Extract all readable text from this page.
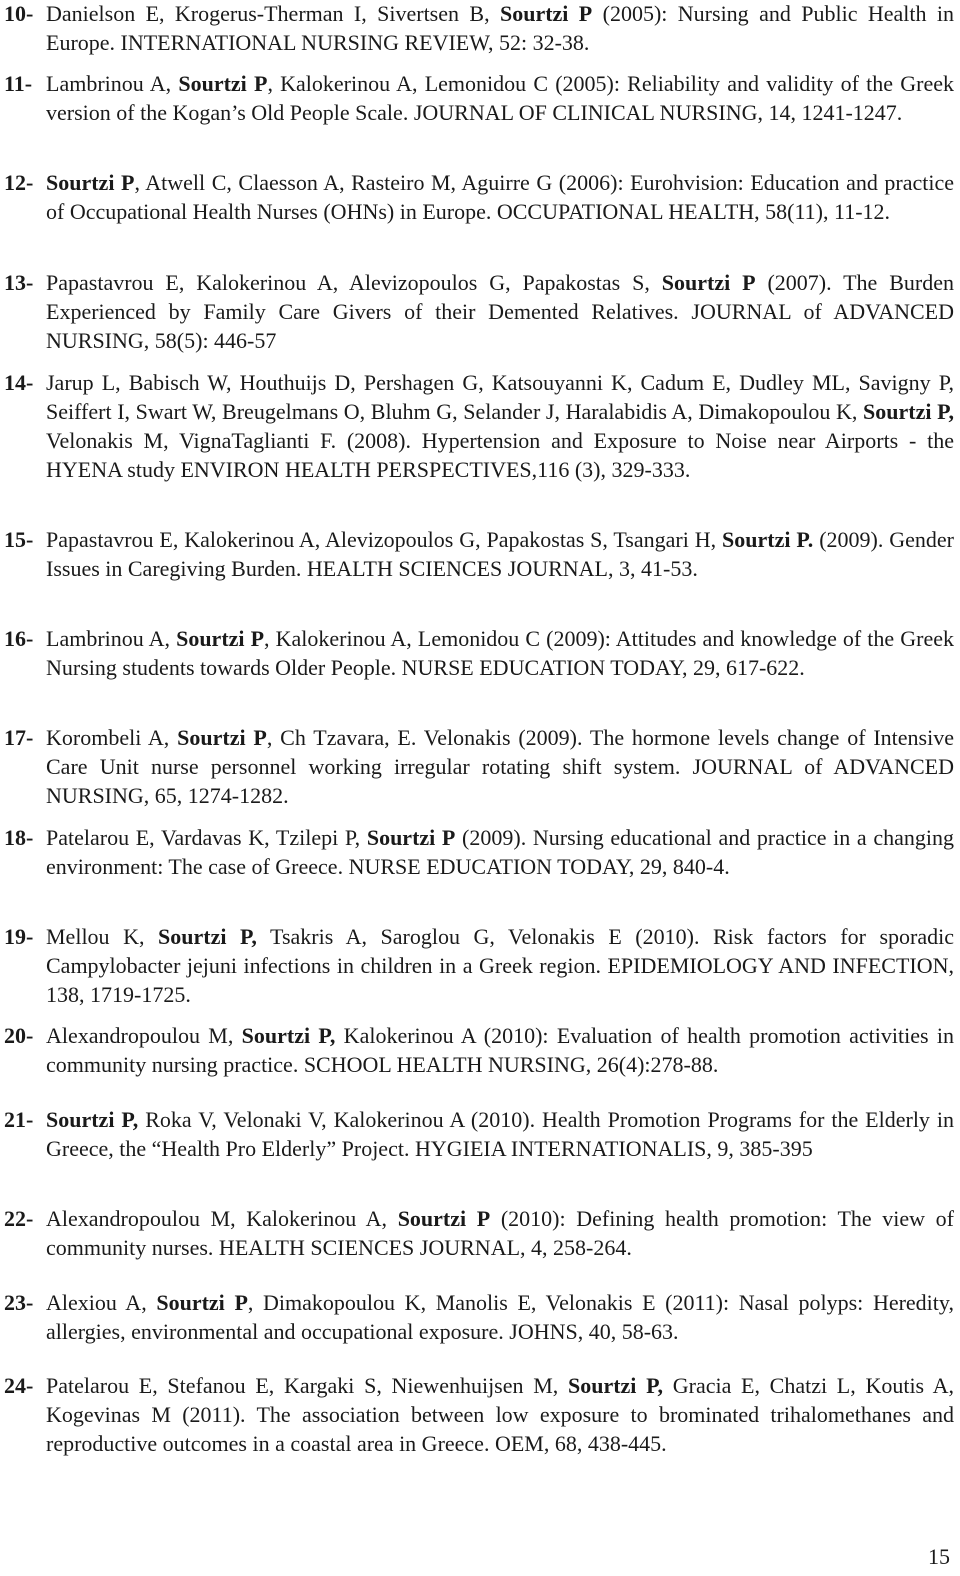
10- Danielson E, Krogerus-Therman I, Sivertsen B, Sourtzi P (2005): Nursing and Public Health in Europe. INTERNATIONAL NURSING REVIEW, 52: 32-38.
11- Lambrinou A, Sourtzi P, Kalokerinou A, Lemonidou C (2005): Reliability and validity of the Greek version of the Kogan’s Old People Scale. JOURNAL OF CLINICAL NURSING, 14, 1241-1247.
12- Sourtzi P, Atwell C, Claesson A, Rasteiro M, Aguirre G (2006): Eurohvision: Education and practice of Occupational Health Nurses (OHNs) in Europe. OCCUPATIONAL HEALTH, 58(11), 11-12.
13- Papastavrou E, Kalokerinou A, Alevizopoulos G, Papakostas S, Sourtzi P (2007). The Burden Experienced by Family Care Givers of their Demented Relatives. JOURNAL of ADVANCED NURSING, 58(5): 446-57
14- Jarup L, Babisch W, Houthuijs D, Pershagen G, Katsouyanni K, Cadum E, Dudley ML, Savigny P, Seiffert I, Swart W, Breugelmans O, Bluhm G, Selander J, Haralabidis A, Dimakopoulou K, Sourtzi P, Velonakis M, VignaTaglianti F. (2008). Hypertension and Exposure to Noise near Airports - the HYENA study ENVIRON HEALTH PERSPECTIVES,116 (3), 329-333.
15- Papastavrou E, Kalokerinou A, Alevizopoulos G, Papakostas S, Tsangari H, Sourtzi P. (2009). Gender Issues in Caregiving Burden. HEALTH SCIENCES JOURNAL, 3, 41-53.
16- Lambrinou A, Sourtzi P, Kalokerinou A, Lemonidou C (2009): Attitudes and knowledge of the Greek Nursing students towards Older People. NURSE EDUCATION TODAY, 29, 617-622.
17- Korombeli A, Sourtzi P, Ch Tzavara, E. Velonakis (2009). The hormone levels change of Intensive Care Unit nurse personnel working irregular rotating shift system. JOURNAL of ADVANCED NURSING, 65, 1274-1282.
18- Patelarou E, Vardavas K, Tzilepi P, Sourtzi P (2009). Nursing educational and practice in a changing environment: The case of Greece. NURSE EDUCATION TODAY, 29, 840-4.
19- Mellou K, Sourtzi P, Tsakris A, Saroglou G, Velonakis E (2010). Risk factors for sporadic Campylobacter jejuni infections in children in a Greek region. EPIDEMIOLOGY AND INFECTION, 138, 1719-1725.
20- Alexandropoulou M, Sourtzi P, Kalokerinou A (2010): Evaluation of health promotion activities in community nursing practice. SCHOOL HEALTH NURSING, 26(4):278-88.
21- Sourtzi P, Roka V, Velonaki V, Kalokerinou A (2010). Health Promotion Programs for the Elderly in Greece, the “Health Pro Elderly” Project. HYGIEIA INTERNATIONALIS, 9, 385-395
22- Alexandropoulou M, Kalokerinou A, Sourtzi P (2010): Defining health promotion: The view of community nurses. HEALTH SCIENCES JOURNAL, 4, 258-264.
23- Alexiou A, Sourtzi P, Dimakopoulou K, Manolis E, Velonakis E (2011): Nasal polyps: Heredity, allergies, environmental and occupational exposure. JOHNS, 40, 58-63.
24- Patelarou E, Stefanou E, Kargaki S, Niewenhuijsen M, Sourtzi P, Gracia E, Chatzi L, Koutis A, Kogevinas M (2011). The association between low exposure to brominated trihalomethanes and reproductive outcomes in a coastal area in Greece. OEM, 68, 438-445.
15
